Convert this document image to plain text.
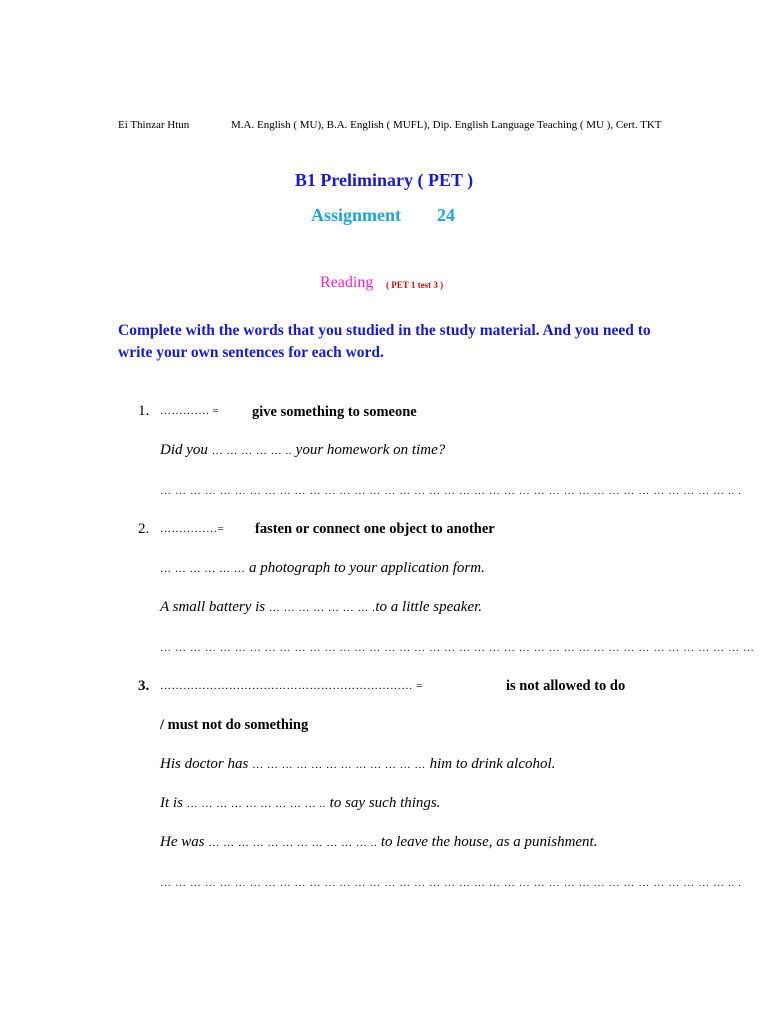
Ei Thinzar Htun	M.A. English ( MU), B.A. English ( MUFL), Dip. English Language Teaching ( MU ), Cert. TKT
B1 Preliminary ( PET )
Assignment 24
Reading ( PET 1 test 3 )
Complete with the words that you studied in the study material. And you need to write your own sentences for each word.
1. …………. = give something to someone
Did you … … … … … .. your homework on time?
… … … … … … … … … … … … … … … … … … … … … … … … … … … … … … … … … … … … … … .. .
2. ……………= fasten or connect one object to another
… … … … … … a photograph to your application form.
A small battery is … … … … … … … .to a little speaker.
… … … … … … … … … … … … … … … … … … … … … … … … … … … … … … … … … … … … … … … …
3. ………………………………………………………… =	is not allowed to do
/ must not do something
His doctor has … … … … … … … … … … … … him to drink alcohol.
It is … … … … … … … … … .. to say such things.
He was … … … … … … … … … … … .. to leave the house, as a punishment.
… … … … … … … … … … … … … … … … … … … … … … … … … … … … … … … … … … … … … … .. .
